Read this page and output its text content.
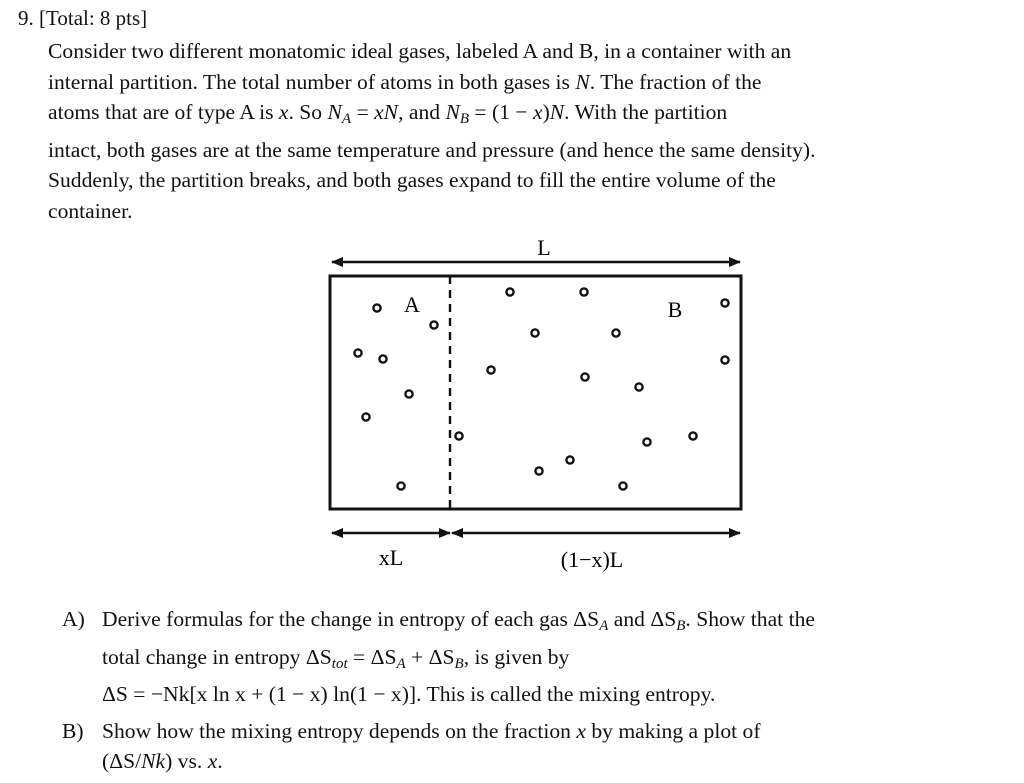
9. [Total: 8 pts]
Consider two different monatomic ideal gases, labeled A and B, in a container with an
internal partition. The total number of atoms in both gases is N. The fraction of the
atoms that are of type A is x. So $N_A$ = xN, and $N_B = (1 - x)N$. With the partition
intact, both gases are at the same temperature and pressure (and hence the same density).
Suddenly, the partition breaks, and both gases expand to fill the entire volume of the
container.
L
A	B
xL	(1−x)L
A) Derive formulas for the change in entropy of each gas $\Delta S_A$ and $\Delta S_B$. Show that the
total change in entropy $\Delta S_{tot} = \Delta S_A + \Delta S_B$, is given by
ΔS = −Nk[x ln x + (1 − x) ln(1 − x)]. This is called the mixing entropy.
B) Show how the mixing entropy depends on the fraction x by making a plot of
(ΔS/Nk) vs. x.
